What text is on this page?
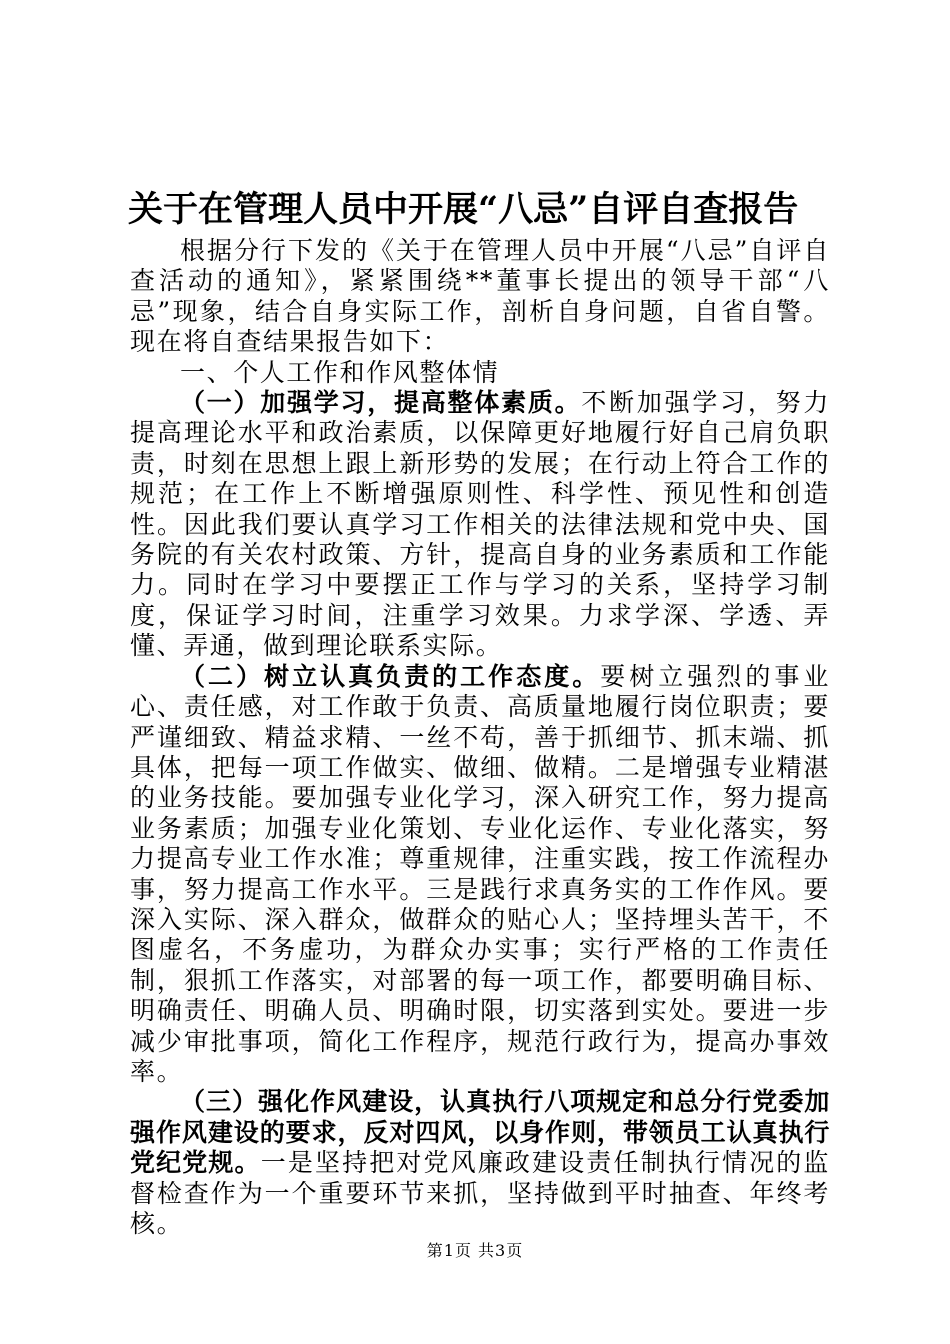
关于在管理人员中开展“八忌”自评自查报告

根据分行下发的《关于在管理人员中开展“八忌”自评自查活动的通知》，紧紧围绕**董事长提出的领导干部“八忌”现象，结合自身实际工作，剖析自身问题，自省自警。现在将自查结果报告如下：

一、个人工作和作风整体情

（一）加强学习，提高整体素质。不断加强学习，努力提高理论水平和政治素质，以保障更好地履行好自己肩负职责，时刻在思想上跟上新形势的发展；在行动上符合工作的规范；在工作上不断增强原则性、科学性、预见性和创造性。因此我们要认真学习工作相关的法律法规和党中央、国务院的有关农村政策、方针，提高自身的业务素质和工作能力。同时在学习中要摆正工作与学习的关系，坚持学习制度，保证学习时间，注重学习效果。力求学深、学透、弄懂、弄通，做到理论联系实际。

（二）树立认真负责的工作态度。要树立强烈的事业心、责任感，对工作敢于负责、高质量地履行岗位职责；要严谨细致、精益求精、一丝不苟，善于抓细节、抓末端、抓具体，把每一项工作做实、做细、做精。二是增强专业精湛的业务技能。要加强专业化学习，深入研究工作，努力提高业务素质；加强专业化策划、专业化运作、专业化落实，努力提高专业工作水准；尊重规律，注重实践，按工作流程办事，努力提高工作水平。三是践行求真务实的工作作风。要深入实际、深入群众，做群众的贴心人；坚持埋头苦干，不图虚名，不务虚功，为群众办实事；实行严格的工作责任制，狠抓工作落实，对部署的每一项工作，都要明确目标、明确责任、明确人员、明确时限，切实落到实处。要进一步减少审批事项，简化工作程序，规范行政行为，提高办事效率。

（三）强化作风建设，认真执行八项规定和总分行党委加强作风建设的要求，反对四风，以身作则，带领员工认真执行党纪党规。一是坚持把对党风廉政建设责任制执行情况的监督检查作为一个重要环节来抓，坚持做到平时抽查、年终考核。

第1页 共3页
